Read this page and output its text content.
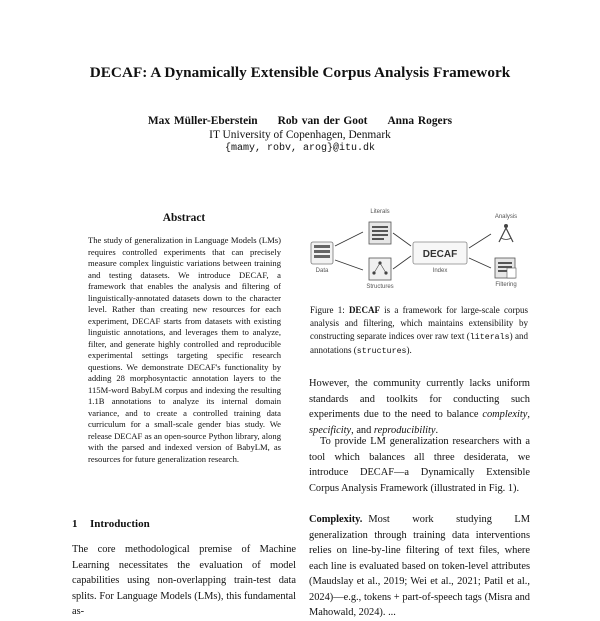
DECAF: A Dynamically Extensible Corpus Analysis Framework
Max Müller-Eberstein Rob van der Goot Anna Rogers
IT University of Copenhagen, Denmark
{mamy, robv, arog}@itu.dk
Abstract
The study of generalization in Language Models (LMs) requires controlled experiments that can precisely measure complex linguistic variations between training and testing datasets. We introduce DECAF, a framework that enables the analysis and filtering of linguistically-annotated datasets down to the character level. Rather than creating new resources for each experiment, DECAF starts from datasets with existing linguistic annotations, and leverages them to analyze, filter, and generate highly controlled and reproducible experimental settings targeting specific research questions. We demonstrate DECAF's functionality by adding 28 morphosyntactic annotation layers to the 115M-word BabyLM corpus and indexing the resulting 1.1B annotations to analyze its internal domain variance, and to create a controlled training data curriculum for a small-scale gender bias study. We release DECAF as an open-source Python library, along with the parsed and indexed version of BabyLM, as resources for future generalization research.
1 Introduction
The core methodological premise of Machine Learning necessitates the evaluation of model capabilities using non-overlapping train-test data splits. For Language Models (LMs), this fundamental as-
Data
Literals
Structures
DECAF
Index
Analysis
Filtering
Figure 1: DECAF is a framework for large-scale corpus analysis and filtering, which maintains extensibility by constructing separate indices over raw text (literals) and annotations (structures).
However, the community currently lacks uniform standards and toolkits for conducting such experiments due to the need to balance complexity, specificity, and reproducibility.
To provide LM generalization researchers with a tool which balances all three desiderata, we introduce DECAF—a Dynamically Extensible Corpus Analysis Framework (illustrated in Fig. 1).
Complexity. Most work studying LM generalization through training data interventions relies on line-by-line filtering of text files, where each line is evaluated based on token-level attributes (Maudslay et al., 2019; Wei et al., 2021; Patil et al., 2024)—e.g., tokens + part-of-speech tags (Misra and Mahowald, 2024). ...
